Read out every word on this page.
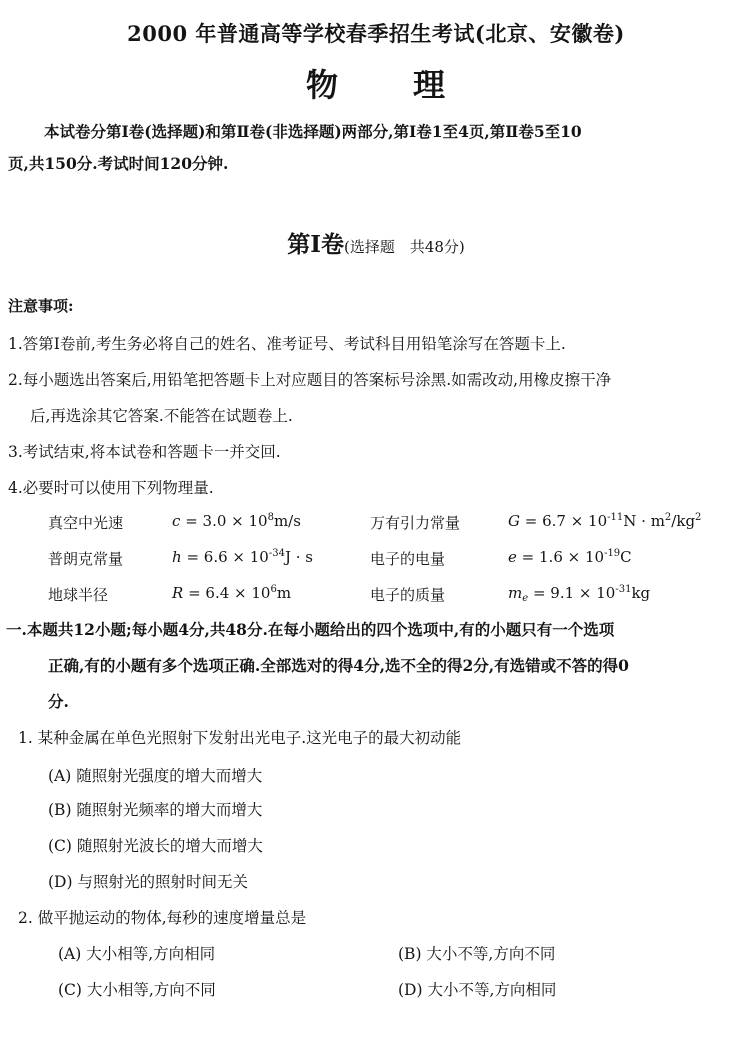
2000 年普通高等学校春季招生考试(北京、安徽卷)
物 理
本试卷分第Ⅰ卷(选择题)和第Ⅱ卷(非选择题)两部分,第Ⅰ卷1至4页,第Ⅱ卷5至10
页,共150分.考试时间120分钟.
第Ⅰ卷(选择题　共48分)
注意事项:
1.答第Ⅰ卷前,考生务必将自己的姓名、准考证号、考试科目用铅笔涂写在答题卡上.
2.每小题选出答案后,用铅笔把答题卡上对应题目的答案标号涂黑.如需改动,用橡皮擦干净
后,再选涂其它答案.不能答在试题卷上.
3.考试结束,将本试卷和答题卡一并交回.
4.必要时可以使用下列物理量.
真空中光速	$c = 3.0 \times 10^8m/s$	万有引力常量	$G = 6.7 \times 10^{-11}N \cdot m^2/kg^2$
普朗克常量	$h = 6.6 \times 10^{-34}J \cdot s$	电子的电量	$e = 1.6 \times 10^{-19}C$
地球半径	$R = 6.4 \times 10^6m$	电子的质量	$m_e = 9.1 \times 10^{-31}kg$
一.本题共12小题;每小题4分,共48分.在每小题给出的四个选项中,有的小题只有一个选项
正确,有的小题有多个选项正确.全部选对的得4分,选不全的得2分,有选错或不答的得0
分.
1. 某种金属在单色光照射下发射出光电子.这光电子的最大初动能
(A) 随照射光强度的增大而增大
(B) 随照射光频率的增大而增大
(C) 随照射光波长的增大而增大
(D) 与照射光的照射时间无关
2. 做平抛运动的物体,每秒的速度增量总是
(A) 大小相等,方向相同	(B) 大小不等,方向不同
(C) 大小相等,方向不同	(D) 大小不等,方向相同
